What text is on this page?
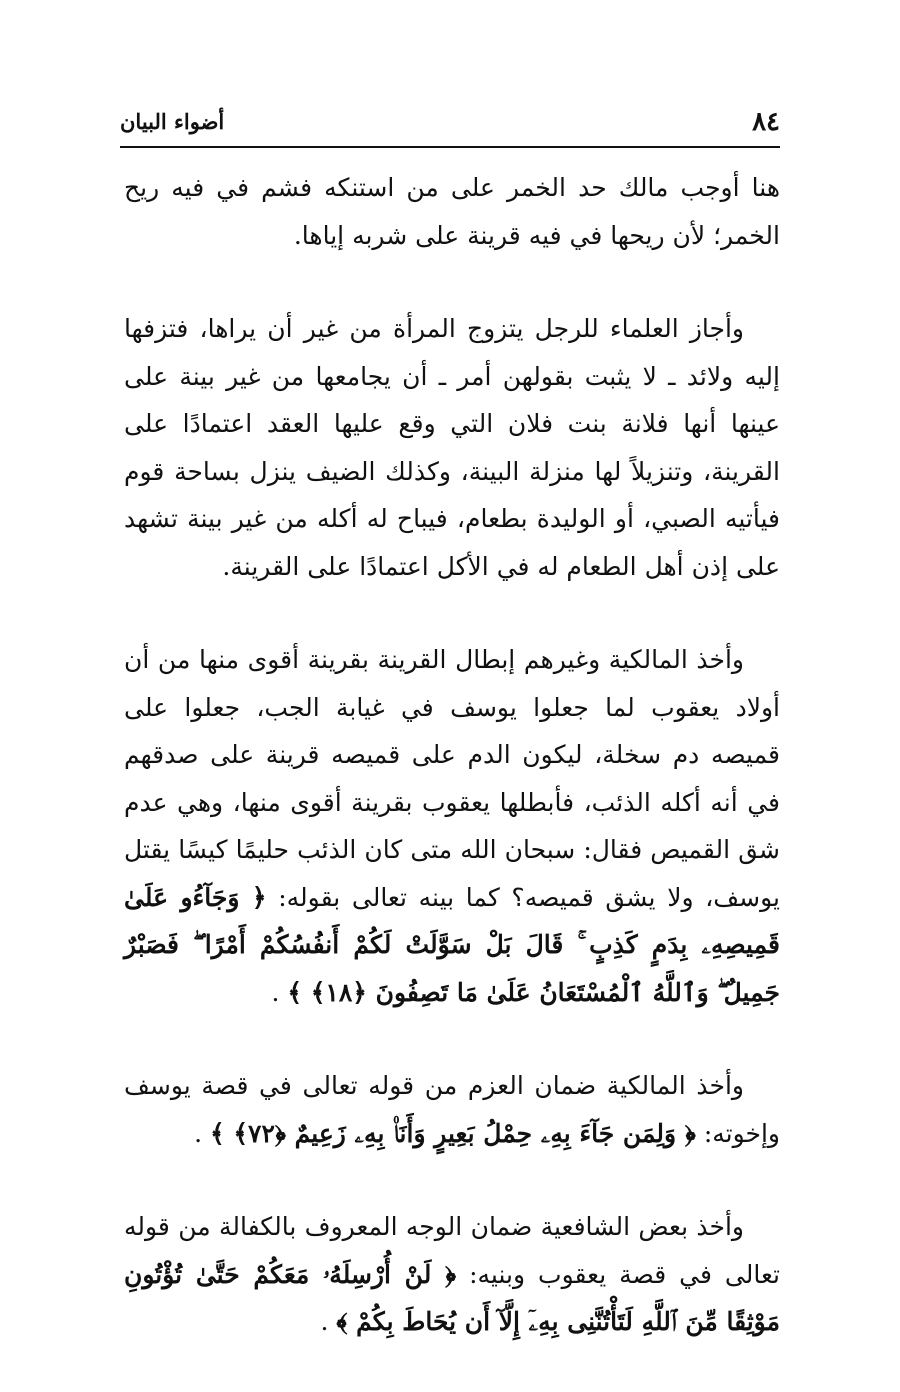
٨٤
أضواء البيان

هنا أوجب مالك حد الخمر على من استنكه فشم في فيه ريح الخمر؛ لأن ريحها في فيه قرينة على شربه إياها.

وأجاز العلماء للرجل يتزوج المرأة من غير أن يراها، فتزفها إليه ولائد ـ لا يثبت بقولهن أمر ـ أن يجامعها من غير بينة على عينها أنها فلانة بنت فلان التي وقع عليها العقد اعتمادًا على القرينة، وتنزيلاً لها منزلة البينة، وكذلك الضيف ينزل بساحة قوم فيأتيه الصبي، أو الوليدة بطعام، فيباح له أكله من غير بينة تشهد على إذن أهل الطعام له في الأكل اعتمادًا على القرينة.

وأخذ المالكية وغيرهم إبطال القرينة بقرينة أقوى منها من أن أولاد يعقوب لما جعلوا يوسف في غيابة الجب، جعلوا على قميصه دم سخلة، ليكون الدم على قميصه قرينة على صدقهم في أنه أكله الذئب، فأبطلها يعقوب بقرينة أقوى منها، وهي عدم شق القميص فقال: سبحان الله متى كان الذئب حليمًا كيسًا يقتل يوسف، ولا يشق قميصه؟ كما بينه تعالى بقوله: ﴿ وَجَآءُو عَلَىٰ قَمِيصِهِۦ بِدَمٍ كَذِبٍ ۚ قَالَ بَلْ سَوَّلَتْ لَكُمْ أَنفُسُكُمْ أَمْرًا ۖ فَصَبْرٌ جَمِيلٌ ۖ وَٱللَّهُ ٱلْمُسْتَعَانُ عَلَىٰ مَا تَصِفُونَ ﴿١٨﴾ ﴾ .

وأخذ المالكية ضمان العزم من قوله تعالى في قصة يوسف وإخوته: ﴿ وَلِمَن جَآءَ بِهِۦ حِمْلُ بَعِيرٍ وَأَنَا۠ بِهِۦ زَعِيمٌ ﴿٧٢﴾ ﴾ .

وأخذ بعض الشافعية ضمان الوجه المعروف بالكفالة من قوله تعالى في قصة يعقوب وبنيه: ﴿ لَنْ أُرْسِلَهُۥ مَعَكُمْ حَتَّىٰ تُؤْتُونِ مَوْثِقًا مِّنَ ٱللَّهِ لَتَأْتُنَّنِى بِهِۦٓ إِلَّآ أَن يُحَاطَ بِكُمْ ﴾ .
